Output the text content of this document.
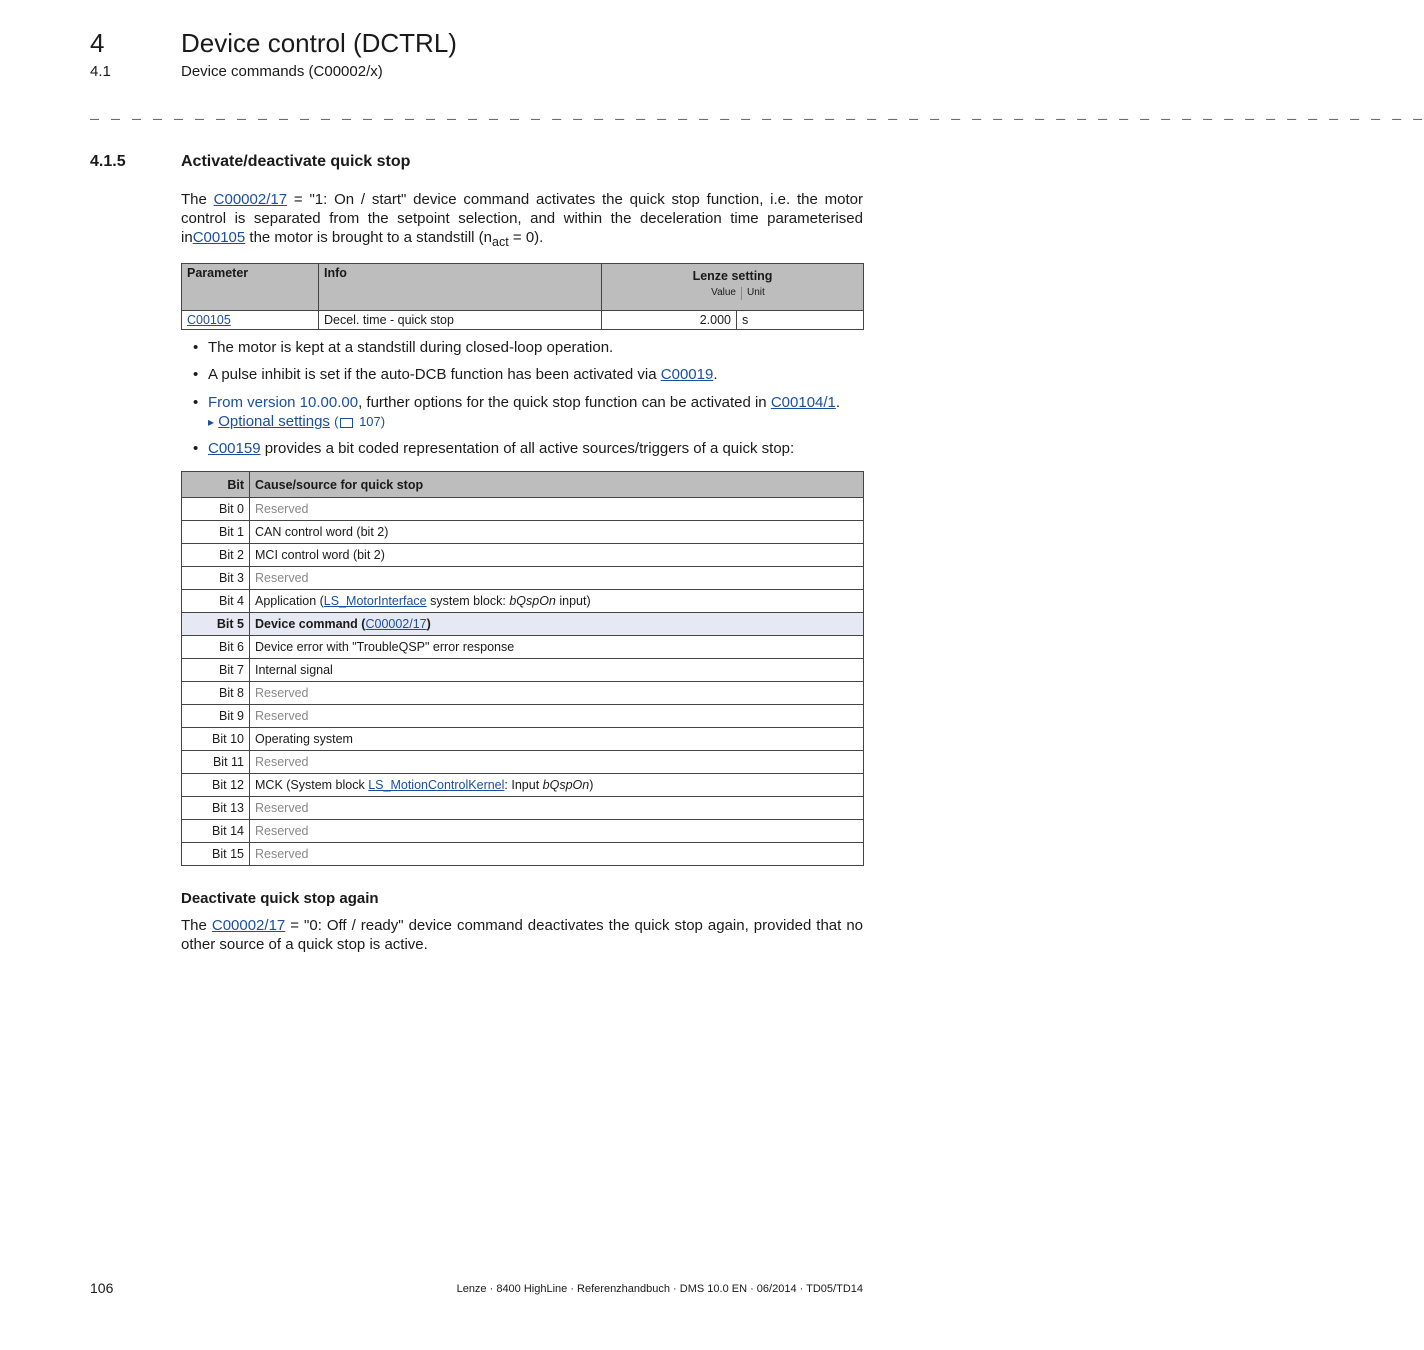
4	Device control (DCTRL)
4.1	Device commands (C00002/x)
_ _ _ _ _ _ _ _ _ _ _ _ _ _ _ _ _ _ _ _ _ _ _ _ _ _ _ _ _ _ _ _ _ _ _ _ _ _ _ _ _ _ _ _ _ _ _ _ _ _ _ _ _ _ _ _ _ _ _ _ _ _ _ _
4.1.5	Activate/deactivate quick stop
The C00002/17 = "1: On / start" device command activates the quick stop function, i.e. the motor control is separated from the setpoint selection, and within the deceleration time parameterised inC00105 the motor is brought to a standstill $(n_{act} = 0)$.
Parameter	Info	Lenze setting
Value Unit	

C00105	Decel. time - quick stop	2.000	s
• The motor is kept at a standstill during closed-loop operation.
• A pulse inhibit is set if the auto-DCB function has been activated via C00019.
• From version 10.00.00, further options for the quick stop function can be activated in C00104/1.
▸ Optional settings ( 107)
• C00159 provides a bit coded representation of all active sources/triggers of a quick stop:
Bit	Cause/source for quick stop
Bit 0	Reserved
Bit 1	CAN control word (bit 2)
Bit 2	MCI control word (bit 2)
Bit 3	Reserved
Bit 4	Application (LS_MotorInterface system block: bQspOn input)
Bit 5	Device command (C00002/17)
Bit 6	Device error with "TroubleQSP" error response
Bit 7	Internal signal
Bit 8	Reserved
Bit 9	Reserved
Bit 10	Operating system
Bit 11	Reserved
Bit 12	MCK (System block LS_MotionControlKernel: Input bQspOn)
Bit 13	Reserved
Bit 14	Reserved
Bit 15	Reserved
Deactivate quick stop again
The C00002/17 = "0: Off / ready" device command deactivates the quick stop again, provided that no other source of a quick stop is active.
106	Lenze · 8400 HighLine · Referenzhandbuch · DMS 10.0 EN · 06/2014 · TD05/TD14
